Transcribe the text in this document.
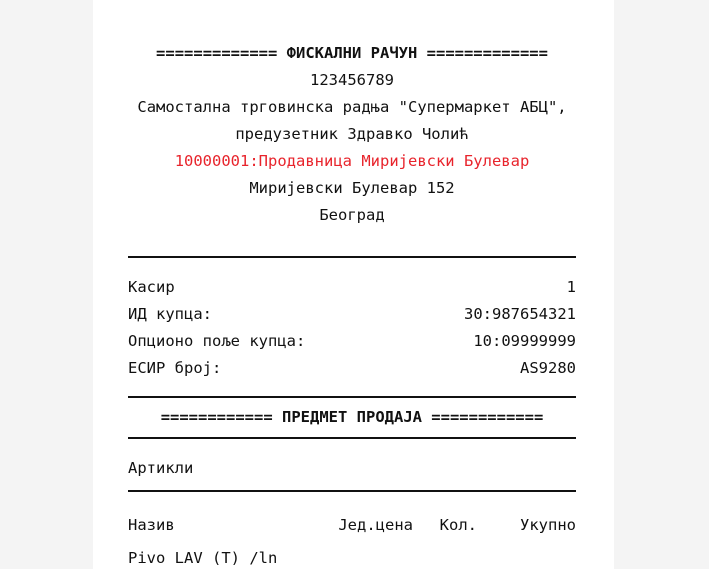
============= ФИСКАЛНИ РАЧУН =============
123456789
Самостална трговинска радња "Супермаркет АБЦ",
предузетник Здравко Чолић
10000001:Продавница Миријевски Булевар
Миријевски Булевар 152
Београд
Касир	1
ИД купца:	30:987654321
Опционо поље купца:	10:09999999
ЕСИР број:	AS9280
============ ПРЕДМЕТ ПРОДАЈА ============
Артикли
Назив	Јед.цена	Кол.	Укупно
Pivo LAV (T) /ln
